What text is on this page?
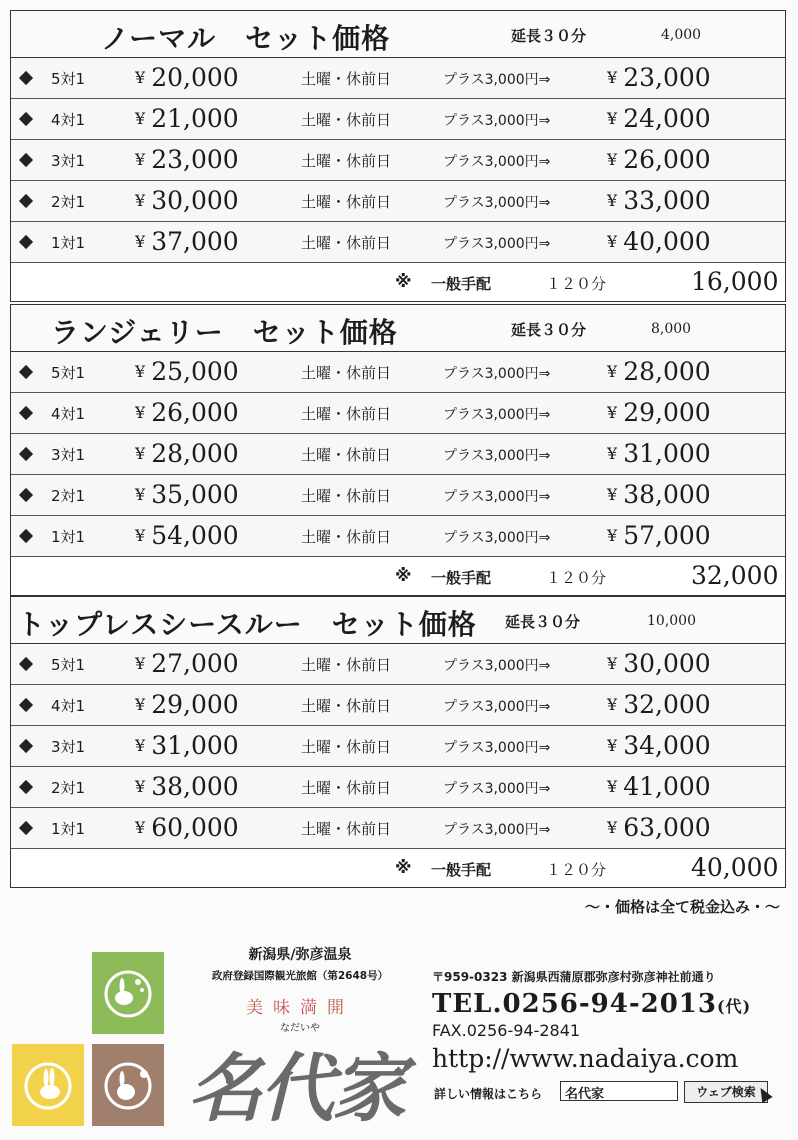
ノーマル　セット価格	延長３０分	4,000
5対1	¥ 20,000	土曜・休前日	プラス3,000円⇒	¥ 23,000
4対1	¥ 21,000	土曜・休前日	プラス3,000円⇒	¥ 24,000
3対1	¥ 23,000	土曜・休前日	プラス3,000円⇒	¥ 26,000
2対1	¥ 30,000	土曜・休前日	プラス3,000円⇒	¥ 33,000
1対1	¥ 37,000	土曜・休前日	プラス3,000円⇒	¥ 40,000
※ 一般手配	１２０分	16,000
ランジェリー　セット価格	延長３０分	8,000
5対1	¥ 25,000	土曜・休前日	プラス3,000円⇒	¥ 28,000
4対1	¥ 26,000	土曜・休前日	プラス3,000円⇒	¥ 29,000
3対1	¥ 28,000	土曜・休前日	プラス3,000円⇒	¥ 31,000
2対1	¥ 35,000	土曜・休前日	プラス3,000円⇒	¥ 38,000
1対1	¥ 54,000	土曜・休前日	プラス3,000円⇒	¥ 57,000
※ 一般手配	１２０分	32,000
トップレスシースルー　セット価格 延長３０分	10,000
5対1	¥ 27,000	土曜・休前日	プラス3,000円⇒	¥ 30,000
4対1	¥ 29,000	土曜・休前日	プラス3,000円⇒	¥ 32,000
3対1	¥ 31,000	土曜・休前日	プラス3,000円⇒	¥ 34,000
2対1	¥ 38,000	土曜・休前日	プラス3,000円⇒	¥ 41,000
1対1	¥ 60,000	土曜・休前日	プラス3,000円⇒	¥ 63,000
※ 一般手配	１２０分	40,000
～・価格は全て税金込み・～
新潟県/弥彦温泉
政府登録国際観光旅館（第2648号）
美味満開
なだいや
名代家
〒959-0323 新潟県西蒲原郡弥彦村弥彦神社前通り
TEL.0256-94-2013(代)
FAX.0256-94-2841
http://www.nadaiya.com
詳しい情報はこちら	名代家	ウェブ検索
